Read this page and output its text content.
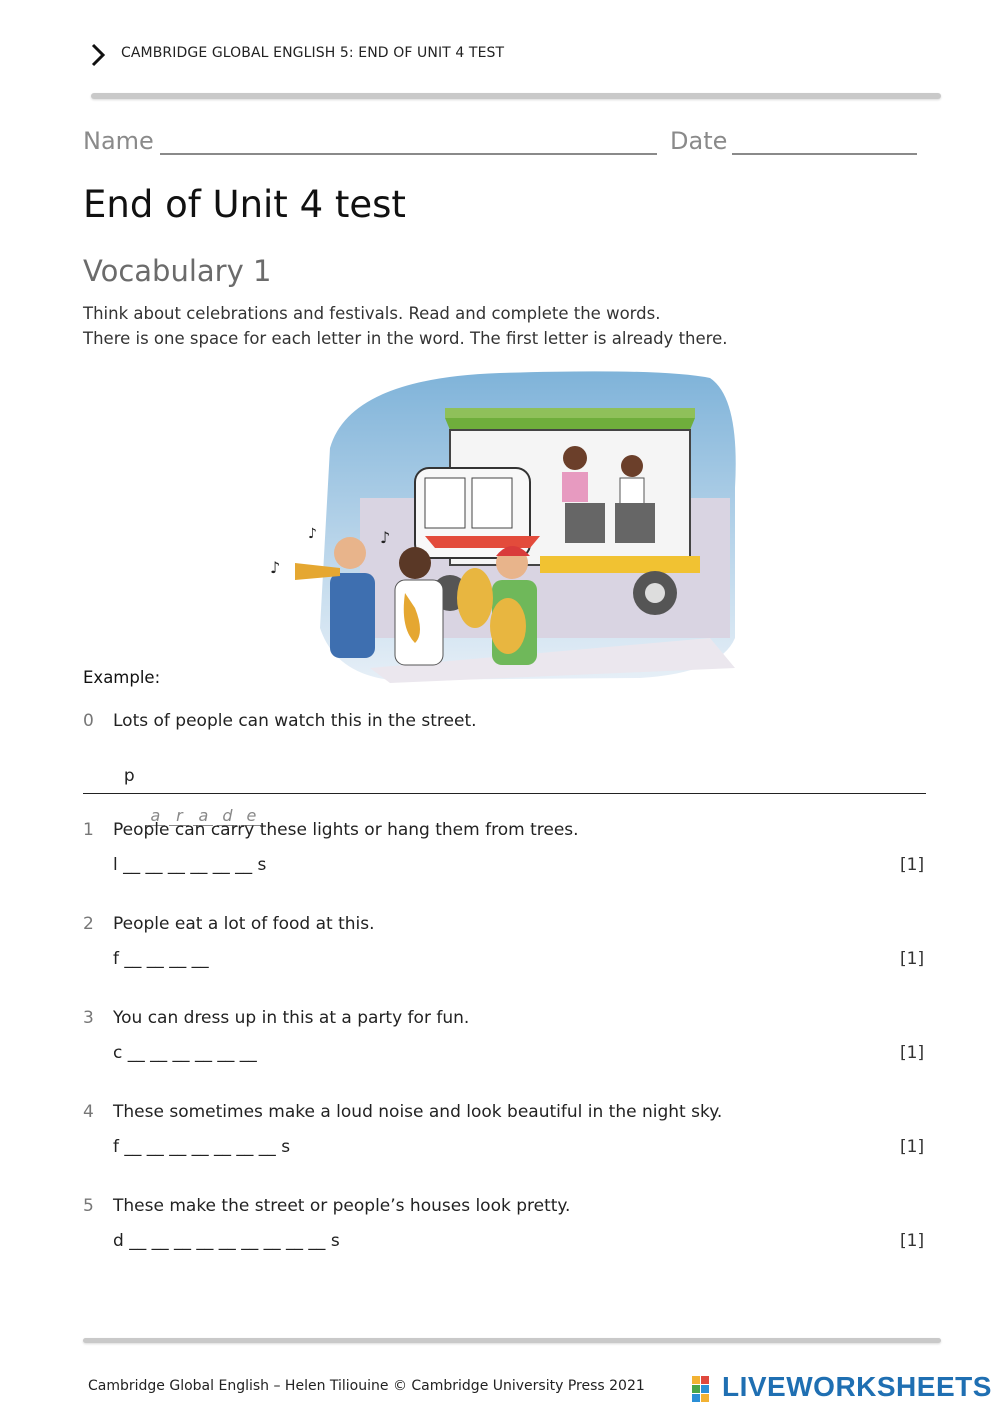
CAMBRIDGE GLOBAL ENGLISH 5: END OF UNIT 4 TEST
Name	Date
End of Unit 4 test
Vocabulary 1
Think about celebrations and festivals. Read and complete the words.
There is one space for each letter in the word. The first letter is already there.
♪
♪
♪
Example:
0 Lots of people can watch this in the street.

p

a r a d e

1 People can carry these lights or hang them from trees.
l __ __ __ __ __ __ s	[1]
2 People eat a lot of food at this.
f __ __ __ __	[1]
3 You can dress up in this at a party for fun.
c __ __ __ __ __ __	[1]
4 These sometimes make a loud noise and look beautiful in the night sky.
f __ __ __ __ __ __ __ s	[1]
5 These make the street or people’s houses look pretty.
d __ __ __ __ __ __ __ __ __ s	[1]
Cambridge Global English – Helen Tiliouine © Cambridge University Press 2021	LIVEWORKSHEETS
